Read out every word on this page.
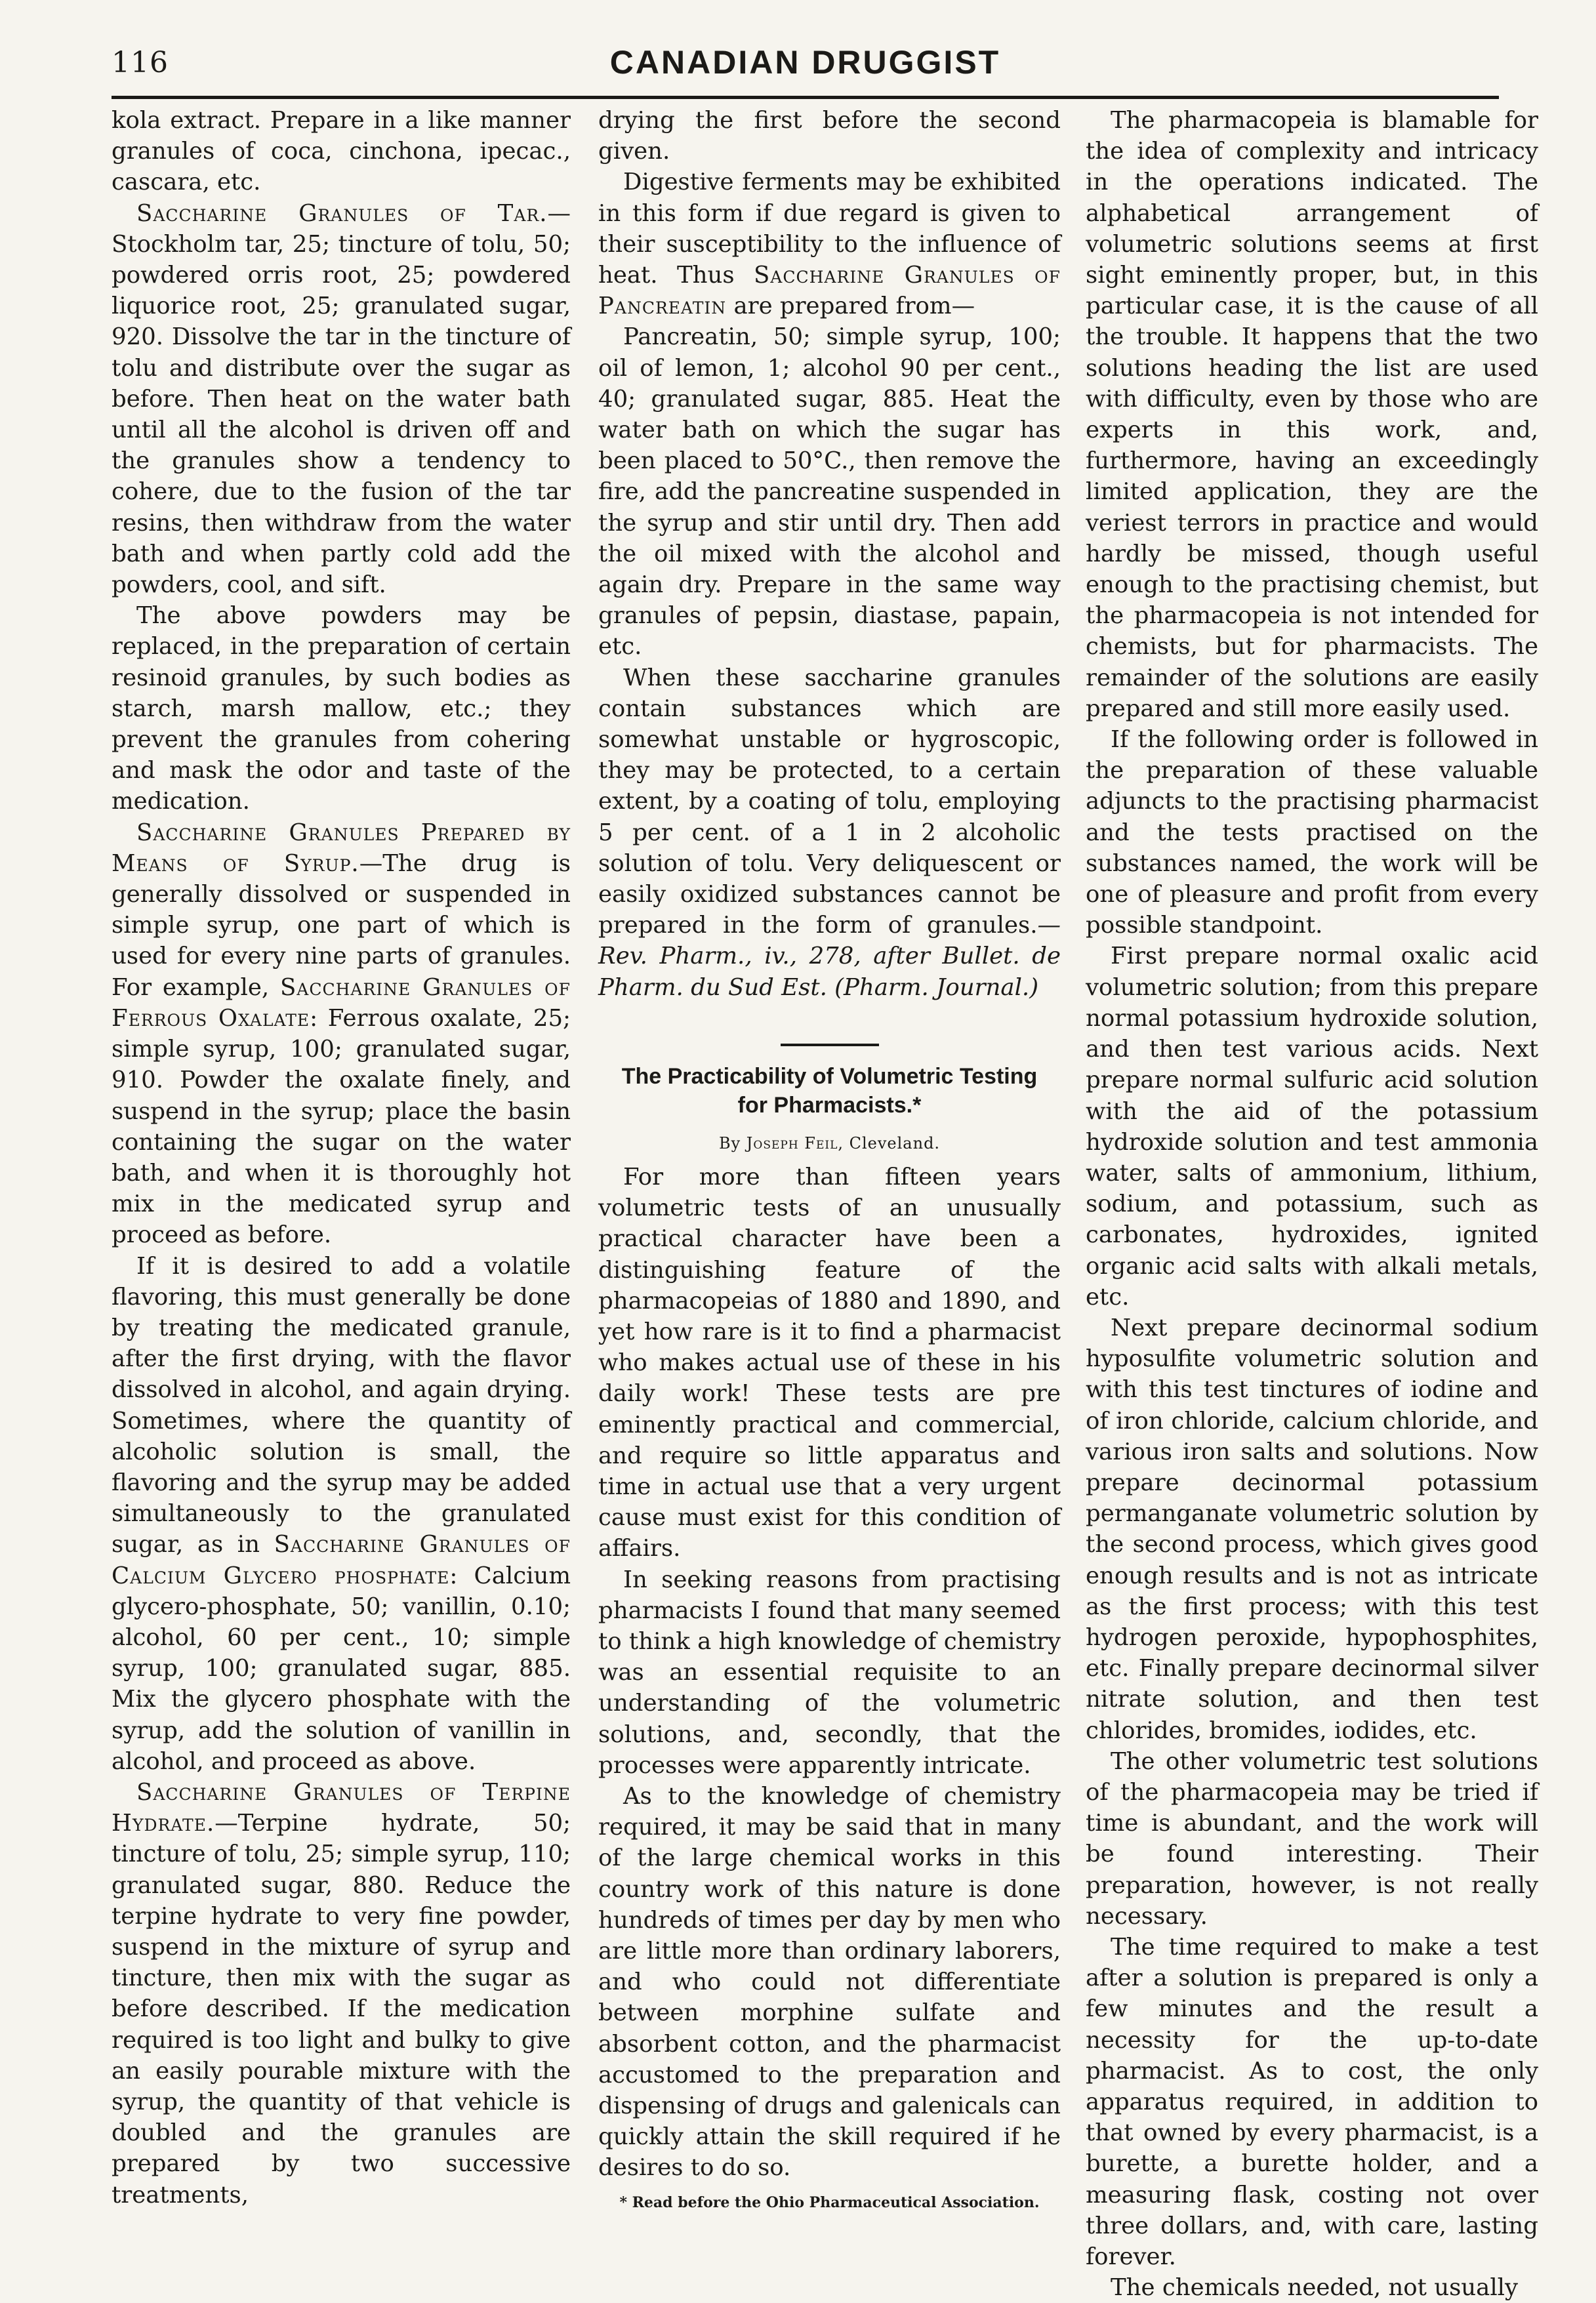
116	CANADIAN DRUGGIST

kola extract. Prepare in a like manner granules of coca, cinchona, ipecac., cascara, etc.

Saccharine Granules of Tar.—Stockholm tar, 25; tincture of tolu, 50; powdered orris root, 25; powdered liquorice root, 25; granulated sugar, 920. Dissolve the tar in the tincture of tolu and distribute over the sugar as before. Then heat on the water bath until all the alcohol is driven off and the granules show a tendency to cohere, due to the fusion of the tar resins, then withdraw from the water bath and when partly cold add the powders, cool, and sift.

The above powders may be replaced, in the preparation of certain resinoid granules, by such bodies as starch, marsh mallow, etc.; they prevent the granules from cohering and mask the odor and taste of the medication.

Saccharine Granules Prepared by Means of Syrup.—The drug is generally dissolved or suspended in simple syrup, one part of which is used for every nine parts of granules. For example, Saccharine Granules of Ferrous Oxalate: Ferrous oxalate, 25; simple syrup, 100; granulated sugar, 910. Powder the oxalate finely, and suspend in the syrup; place the basin containing the sugar on the water bath, and when it is thoroughly hot mix in the medicated syrup and proceed as before.

If it is desired to add a volatile flavoring, this must generally be done by treating the medicated granule, after the first drying, with the flavor dissolved in alcohol, and again drying. Sometimes, where the quantity of alcoholic solution is small, the flavoring and the syrup may be added simultaneously to the granulated sugar, as in Saccharine Granules of Calcium Glycero phosphate: Calcium glycero-phosphate, 50; vanillin, 0.10; alcohol, 60 per cent., 10; simple syrup, 100; granulated sugar, 885. Mix the glycero phosphate with the syrup, add the solution of vanillin in alcohol, and proceed as above.

Saccharine Granules of Terpine Hydrate.—Terpine hydrate, 50; tincture of tolu, 25; simple syrup, 110; granulated sugar, 880. Reduce the terpine hydrate to very fine powder, suspend in the mixture of syrup and tincture, then mix with the sugar as before described. If the medication required is too light and bulky to give an easily pourable mixture with the syrup, the quantity of that vehicle is doubled and the granules are prepared by two successive treatments,

drying the first before the second given.

Digestive ferments may be exhibited in this form if due regard is given to their susceptibility to the influence of heat. Thus Saccharine Granules of Pancreatin are prepared from—

Pancreatin, 50; simple syrup, 100; oil of lemon, 1; alcohol 90 per cent., 40; granulated sugar, 885. Heat the water bath on which the sugar has been placed to 50°C., then remove the fire, add the pancreatine suspended in the syrup and stir until dry. Then add the oil mixed with the alcohol and again dry. Prepare in the same way granules of pepsin, diastase, papain, etc.

When these saccharine granules contain substances which are somewhat unstable or hygroscopic, they may be protected, to a certain extent, by a coating of tolu, employing 5 per cent. of a 1 in 2 alcoholic solution of tolu. Very deliquescent or easily oxidized substances cannot be prepared in the form of granules.—Rev. Pharm., iv., 278, after Bullet. de Pharm. du Sud Est. (Pharm. Journal.)

The Practicability of Volumetric Testing for Pharmacists.*
By Joseph Feil, Cleveland.

For more than fifteen years volumetric tests of an unusually practical character have been a distinguishing feature of the pharmacopeias of 1880 and 1890, and yet how rare is it to find a pharmacist who makes actual use of these in his daily work! These tests are pre eminently practical and commercial, and require so little apparatus and time in actual use that a very urgent cause must exist for this condition of affairs.

In seeking reasons from practising pharmacists I found that many seemed to think a high knowledge of chemistry was an essential requisite to an understanding of the volumetric solutions, and, secondly, that the processes were apparently intricate.

As to the knowledge of chemistry required, it may be said that in many of the large chemical works in this country work of this nature is done hundreds of times per day by men who are little more than ordinary laborers, and who could not differentiate between morphine sulfate and absorbent cotton, and the pharmacist accustomed to the preparation and dispensing of drugs and galenicals can quickly attain the skill required if he desires to do so.

* Read before the Ohio Pharmaceutical Association.

The pharmacopeia is blamable for the idea of complexity and intricacy in the operations indicated. The alphabetical arrangement of volumetric solutions seems at first sight eminently proper, but, in this particular case, it is the cause of all the trouble. It happens that the two solutions heading the list are used with difficulty, even by those who are experts in this work, and, furthermore, having an exceedingly limited application, they are the veriest terrors in practice and would hardly be missed, though useful enough to the practising chemist, but the pharmacopeia is not intended for chemists, but for pharmacists. The remainder of the solutions are easily prepared and still more easily used.

If the following order is followed in the preparation of these valuable adjuncts to the practising pharmacist and the tests practised on the substances named, the work will be one of pleasure and profit from every possible standpoint.

First prepare normal oxalic acid volumetric solution; from this prepare normal potassium hydroxide solution, and then test various acids. Next prepare normal sulfuric acid solution with the aid of the potassium hydroxide solution and test ammonia water, salts of ammonium, lithium, sodium, and potassium, such as carbonates, hydroxides, ignited organic acid salts with alkali metals, etc.

Next prepare decinormal sodium hyposulfite volumetric solution and with this test tinctures of iodine and of iron chloride, calcium chloride, and various iron salts and solutions. Now prepare decinormal potassium permanganate volumetric solution by the second process, which gives good enough results and is not as intricate as the first process; with this test hydrogen peroxide, hypophosphites, etc. Finally prepare decinormal silver nitrate solution, and then test chlorides, bromides, iodides, etc.

The other volumetric test solutions of the pharmacopeia may be tried if time is abundant, and the work will be found interesting. Their preparation, however, is not really necessary.

The time required to make a test after a solution is prepared is only a few minutes and the result a necessity for the up-to-date pharmacist. As to cost, the only apparatus required, in addition to that owned by every pharmacist, is a burette, a burette holder, and a measuring flask, costing not over three dollars, and, with care, lasting forever.

The chemicals needed, not usually
